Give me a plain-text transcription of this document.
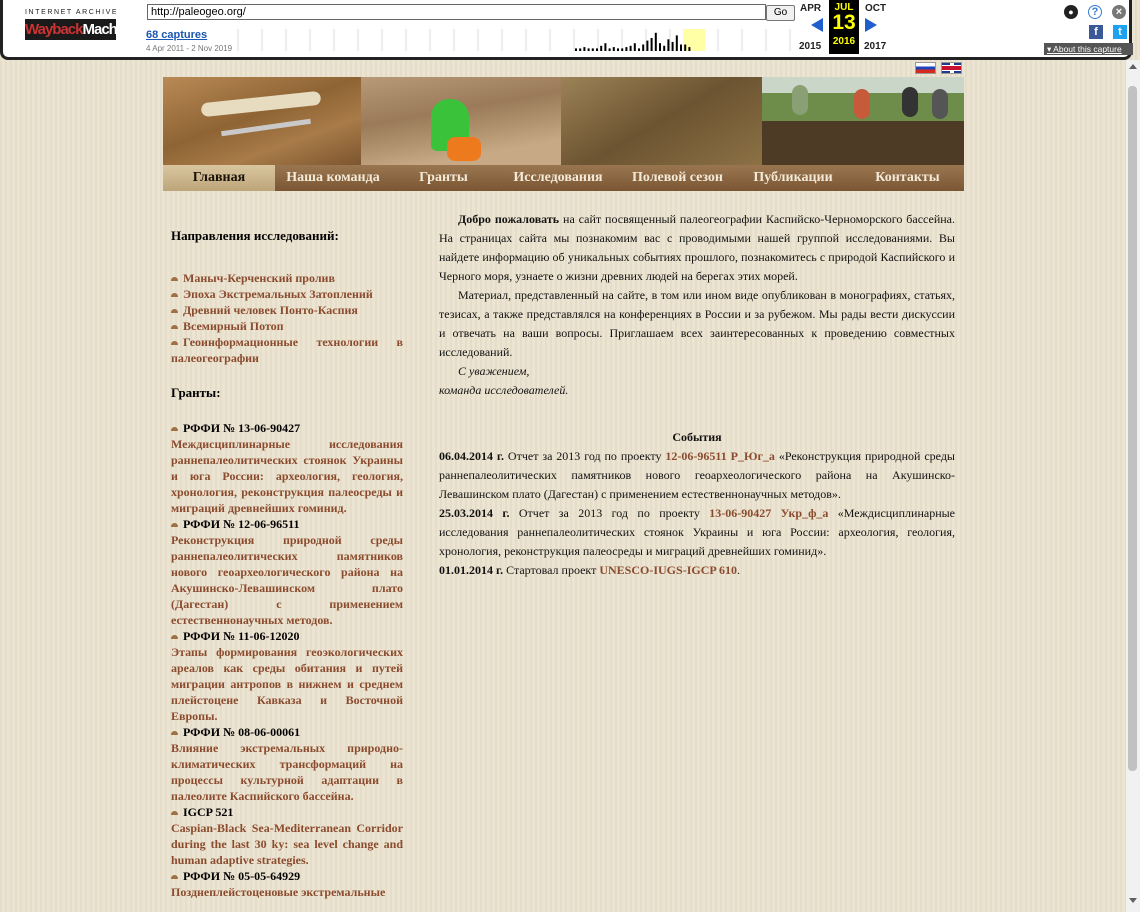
INTERNET ARCHIVE
WaybackMachine
http://paleogeo.org/	Go
68 captures
4 Apr 2011 - 2 Nov 2019
APR	OCT
2015	2017
JUL
13
2016
●	?	×
f	t
▾ About this capture
Главная	Наша команда	Гранты	Исследования	Полевой сезон	Публикации	Контакты
Направления исследований:
Маныч-Керченский пролив
Эпоха Экстремальных Затоплений
Древний человек Понто-Каспия
Всемирный Потоп
Геоинформационные технологии в палеогеографии
Гранты:
РФФИ № 13-06-90427
Междисциплинарные исследования раннепалеолитических стоянок Украины и юга России: археология, геология, хронология, реконструкция палеосреды и миграций древнейших гоминид.
РФФИ № 12-06-96511
Реконструкция природной среды раннепалеолитических памятников нового геоархеологического района на Акушинско-Левашинском плато (Дагестан) с применением естественнонаучных методов.
РФФИ № 11-06-12020
Этапы формирования геоэкологических ареалов как среды обитания и путей миграции антропов в нижнем и среднем плейстоцене Кавказа и Восточной Европы.
РФФИ № 08-06-00061
Влияние экстремальных природно-климатических трансформаций на процессы культурной адаптации в палеолите Каспийского бассейна.
IGCP 521
Caspian-Black Sea-Mediterranean Corridor during the last 30 ky: sea level change and human adaptive strategies.
РФФИ № 05-05-64929
Позднеплейстоценовые экстремальные

Добро пожаловать на сайт посвященный палеогеографии Каспийско-Черноморского бассейна. На страницах сайта мы познакомим вас с проводимыми нашей группой исследованиями. Вы найдете информацию об уникальных событиях прошлого, познакомитесь с природой Каспийского и Черного моря, узнаете о жизни древних людей на берегах этих морей.

Материал, представленный на сайте, в том или ином виде опубликован в монографиях, статьях, тезисах, а также представлялся на конференциях в России и за рубежом. Мы рады вести дискуссии и отвечать на ваши вопросы. Приглашаем всех заинтересованных к проведению совместных исследований.

С уважением,

команда исследователей.

События

06.04.2014 г. Отчет за 2013 год по проекту 12-06-96511 Р_Юг_а «Реконструкция природной среды раннепалеолитических памятников нового геоархеологического района на Акушинско-Левашинском плато (Дагестан) с применением естественнонаучных методов».

25.03.2014 г. Отчет за 2013 год по проекту 13-06-90427 Укр_ф_а «Междисциплинарные исследования раннепалеолитических стоянок Украины и юга России: археология, геология, хронология, реконструкция палеосреды и миграций древнейших гоминид».

01.01.2014 г. Стартовал проект UNESCO-IUGS-IGCP 610.
